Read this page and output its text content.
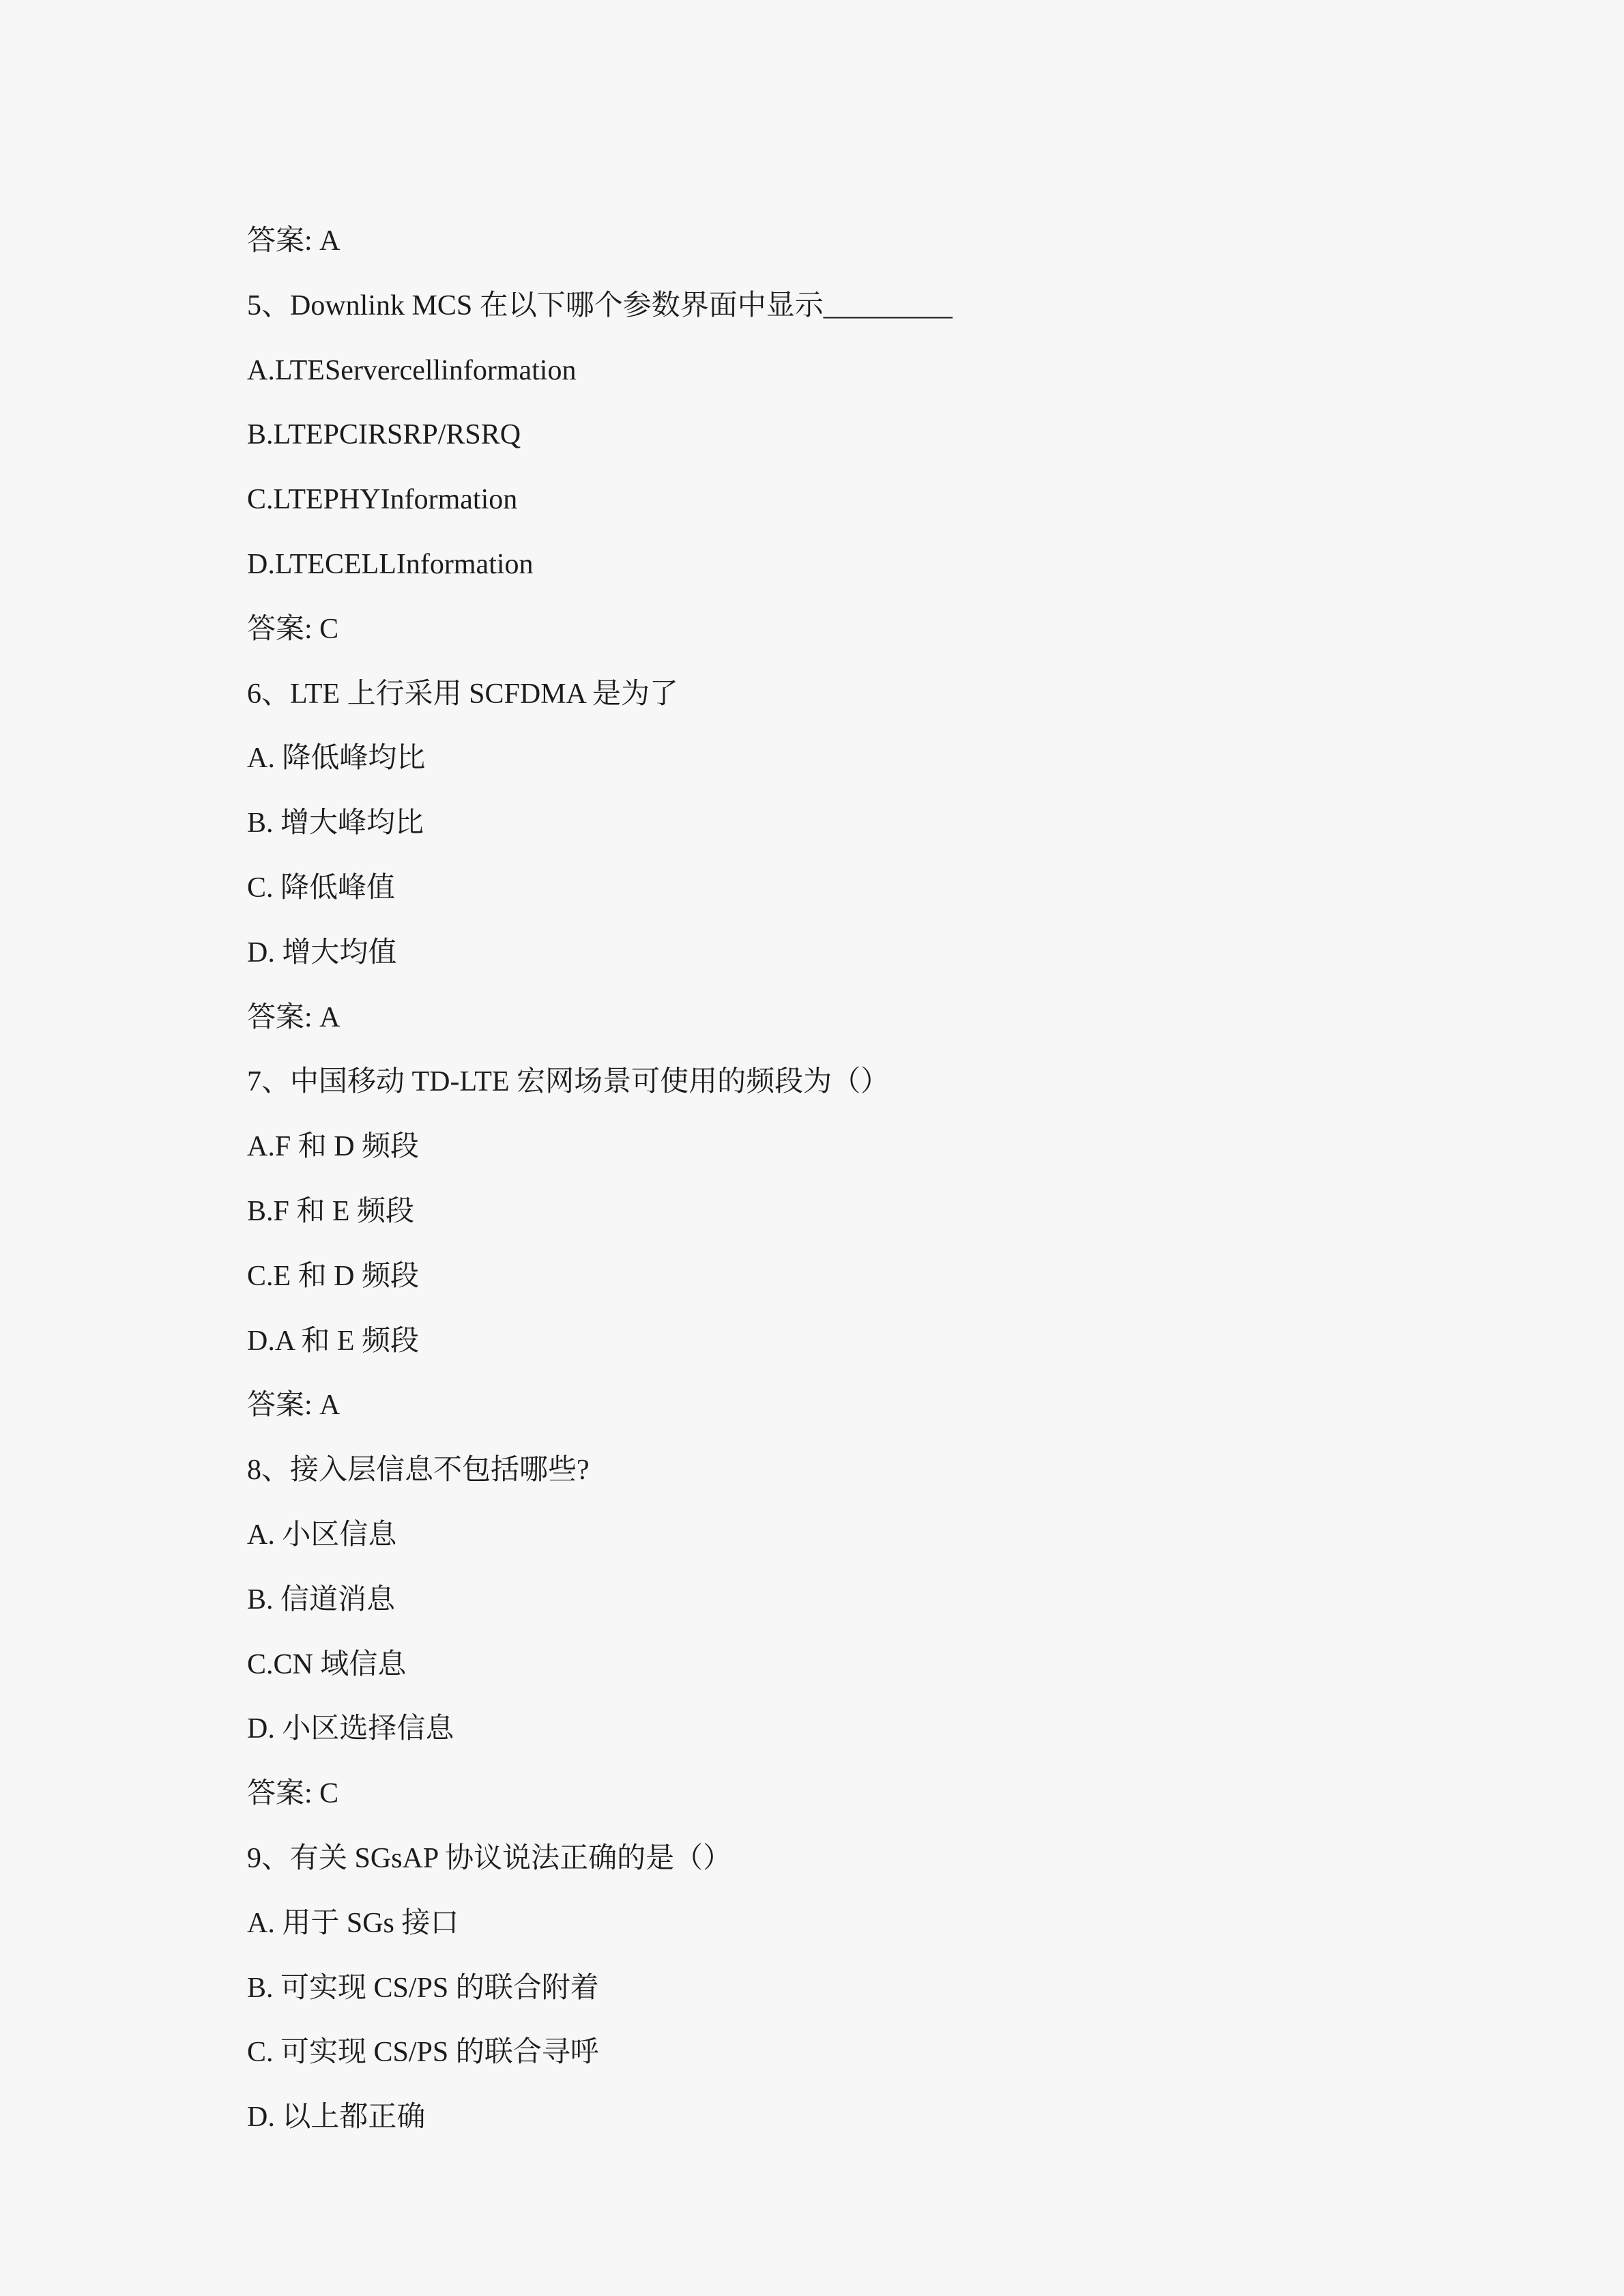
答案: A

5、Downlink MCS 在以下哪个参数界面中显示_________

A.LTEServercellinformation

B.LTEPCIRSRP/RSRQ

C.LTEPHYInformation

D.LTECELLInformation

答案: C

6、LTE 上行采用 SCFDMA 是为了

A. 降低峰均比

B. 增大峰均比

C. 降低峰值

D. 增大均值

答案: A

7、中国移动 TD-LTE 宏网场景可使用的频段为（）

A.F 和 D 频段

B.F 和 E 频段

C.E 和 D 频段

D.A 和 E 频段

答案: A

8、接入层信息不包括哪些?

A. 小区信息

B. 信道消息

C.CN 域信息

D. 小区选择信息

答案: C

9、有关 SGsAP 协议说法正确的是（）

A. 用于 SGs 接口

B. 可实现 CS/PS 的联合附着

C. 可实现 CS/PS 的联合寻呼

D. 以上都正确
